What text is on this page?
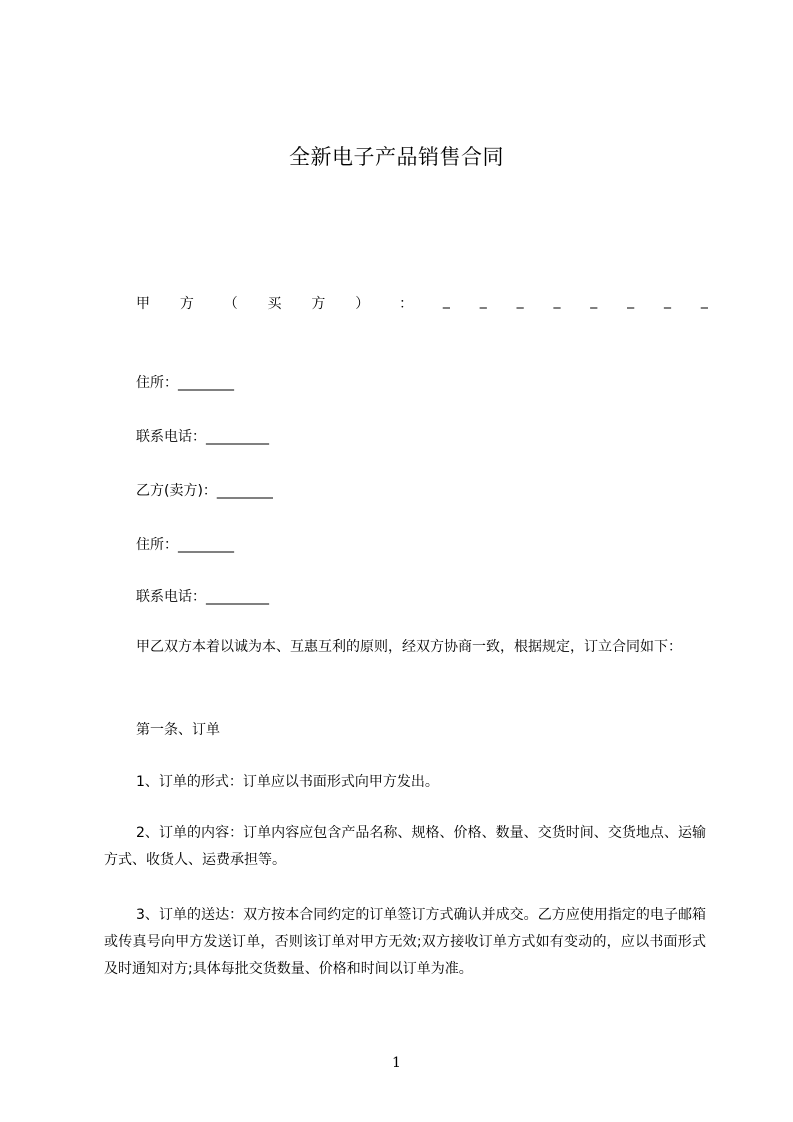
全新电子产品销售合同
甲 方 （ 买 方 ） ： _ _ _ _ _ _ _ _
住所：________
联系电话：_________
乙方(卖方)：________
住所：________
联系电话：_________
甲乙双方本着以诚为本、互惠互利的原则，经双方协商一致，根据规定，订立合同如下：
第一条、订单
1、订单的形式：订单应以书面形式向甲方发出。
2、订单的内容：订单内容应包含产品名称、规格、价格、数量、交货时间、交货地点、运输方式、收货人、运费承担等。
3、订单的送达：双方按本合同约定的订单签订方式确认并成交。乙方应使用指定的电子邮箱或传真号向甲方发送订单，否则该订单对甲方无效;双方接收订单方式如有变动的，应以书面形式及时通知对方;具体每批交货数量、价格和时间以订单为准。
1
